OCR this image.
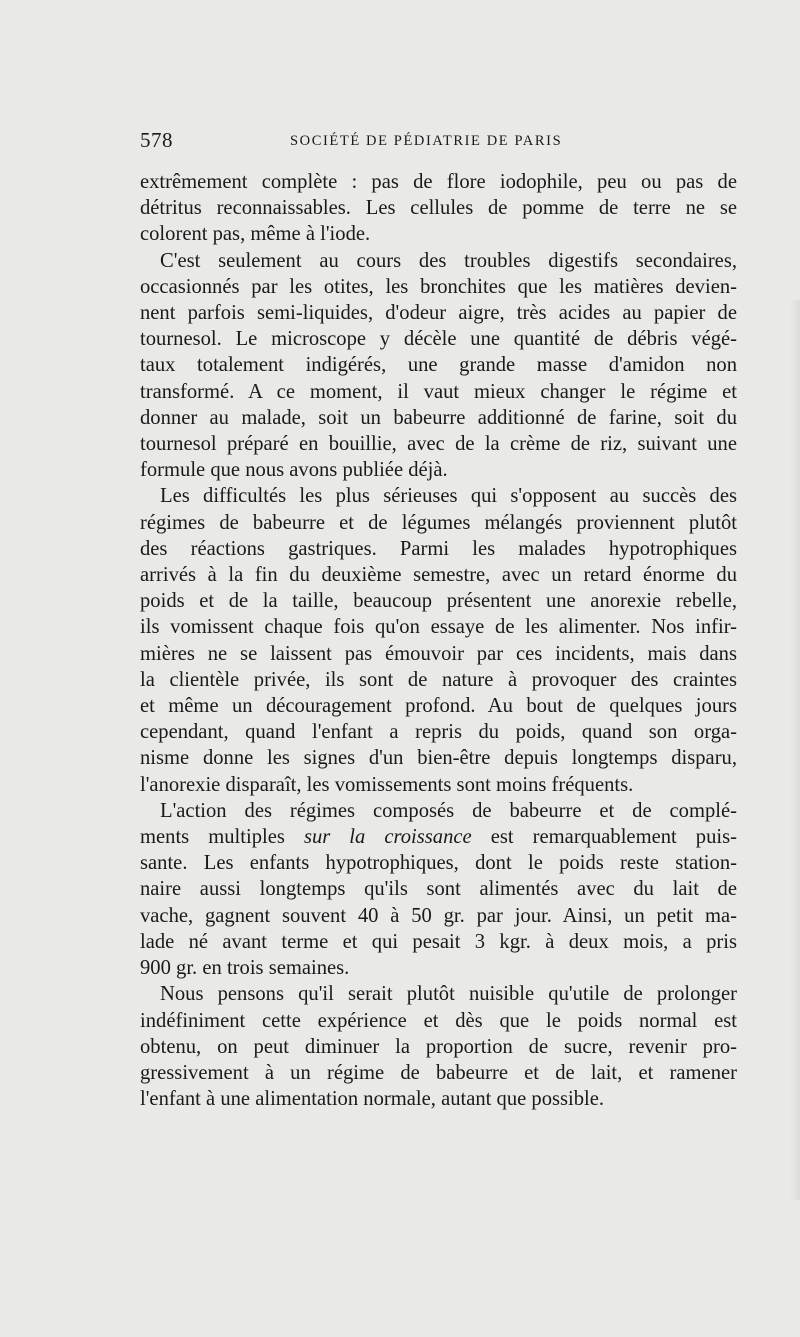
578	SOCIÉTÉ DE PÉDIATRIE DE PARIS
extrêmement complète : pas de flore iodophile, peu ou pas de
détritus reconnaissables. Les cellules de pomme de terre ne se
colorent pas, même à l'iode.
C'est seulement au cours des troubles digestifs secondaires,
occasionnés par les otites, les bronchites que les matières devien-
nent parfois semi-liquides, d'odeur aigre, très acides au papier de
tournesol. Le microscope y décèle une quantité de débris végé-
taux totalement indigérés, une grande masse d'amidon non
transformé. A ce moment, il vaut mieux changer le régime et
donner au malade, soit un babeurre additionné de farine, soit du
tournesol préparé en bouillie, avec de la crème de riz, suivant une
formule que nous avons publiée déjà.
Les difficultés les plus sérieuses qui s'opposent au succès des
régimes de babeurre et de légumes mélangés proviennent plutôt
des réactions gastriques. Parmi les malades hypotrophiques
arrivés à la fin du deuxième semestre, avec un retard énorme du
poids et de la taille, beaucoup présentent une anorexie rebelle,
ils vomissent chaque fois qu'on essaye de les alimenter. Nos infir-
mières ne se laissent pas émouvoir par ces incidents, mais dans
la clientèle privée, ils sont de nature à provoquer des craintes
et même un découragement profond. Au bout de quelques jours
cependant, quand l'enfant a repris du poids, quand son orga-
nisme donne les signes d'un bien-être depuis longtemps disparu,
l'anorexie disparaît, les vomissements sont moins fréquents.
L'action des régimes composés de babeurre et de complé-
ments multiples sur la croissance est remarquablement puis-
sante. Les enfants hypotrophiques, dont le poids reste station-
naire aussi longtemps qu'ils sont alimentés avec du lait de
vache, gagnent souvent 40 à 50 gr. par jour. Ainsi, un petit ma-
lade né avant terme et qui pesait 3 kgr. à deux mois, a pris
900 gr. en trois semaines.
Nous pensons qu'il serait plutôt nuisible qu'utile de prolonger
indéfiniment cette expérience et dès que le poids normal est
obtenu, on peut diminuer la proportion de sucre, revenir pro-
gressivement à un régime de babeurre et de lait, et ramener
l'enfant à une alimentation normale, autant que possible.
